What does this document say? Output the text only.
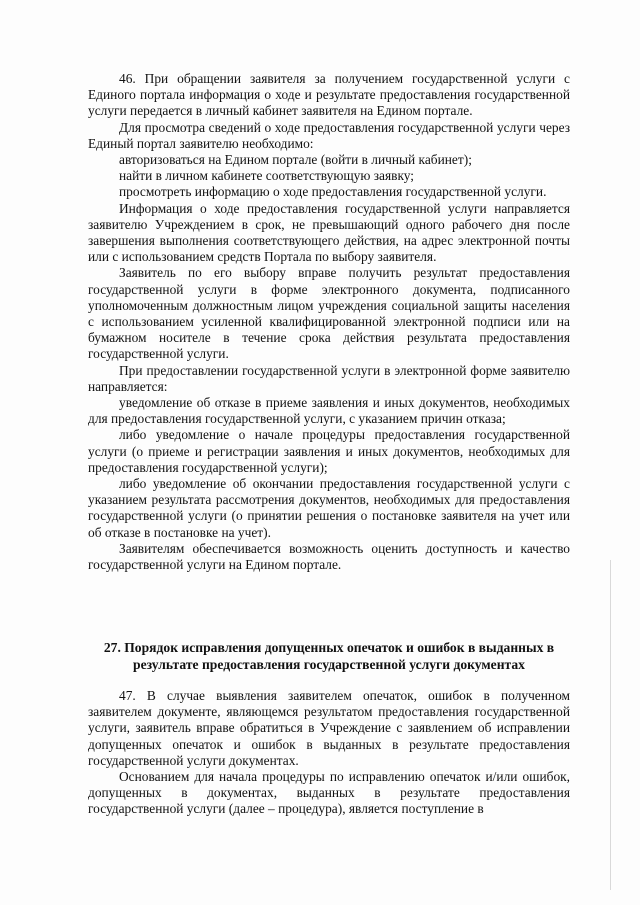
46. При обращении заявителя за получением государственной услуги с Единого портала информация о ходе и результате предоставления государственной услуги передается в личный кабинет заявителя на Едином портале.

Для просмотра сведений о ходе предоставления государственной услуги через Единый портал заявителю необходимо:

авторизоваться на Едином портале (войти в личный кабинет);

найти в личном кабинете соответствующую заявку;

просмотреть информацию о ходе предоставления государственной услуги.

Информация о ходе предоставления государственной услуги направляется заявителю Учреждением в срок, не превышающий одного рабочего дня после завершения выполнения соответствующего действия, на адрес электронной почты или с использованием средств Портала по выбору заявителя.

Заявитель по его выбору вправе получить результат предоставления государственной услуги в форме электронного документа, подписанного уполномоченным должностным лицом учреждения социальной защиты населения с использованием усиленной квалифицированной электронной подписи или на бумажном носителе в течение срока действия результата предоставления государственной услуги.

При предоставлении государственной услуги в электронной форме заявителю направляется:

уведомление об отказе в приеме заявления и иных документов, необходимых для предоставления государственной услуги, с указанием причин отказа;

либо уведомление о начале процедуры предоставления государственной услуги (о приеме и регистрации заявления и иных документов, необходимых для предоставления государственной услуги);

либо уведомление об окончании предоставления государственной услуги с указанием результата рассмотрения документов, необходимых для предоставления государственной услуги (о принятии решения о постановке заявителя на учет или об отказе в постановке на учет).

Заявителям обеспечивается возможность оценить доступность и качество государственной услуги на Едином портале.

27. Порядок исправления допущенных опечаток и ошибок в выданных в
результате предоставления государственной услуги документах

47. В случае выявления заявителем опечаток, ошибок в полученном заявителем документе, являющемся результатом предоставления государственной услуги, заявитель вправе обратиться в Учреждение с заявлением об исправлении допущенных опечаток и ошибок в выданных в результате предоставления государственной услуги документах.

Основанием для начала процедуры по исправлению опечаток и/или ошибок, допущенных в документах, выданных в результате предоставления государственной услуги (далее – процедура), является поступление в
